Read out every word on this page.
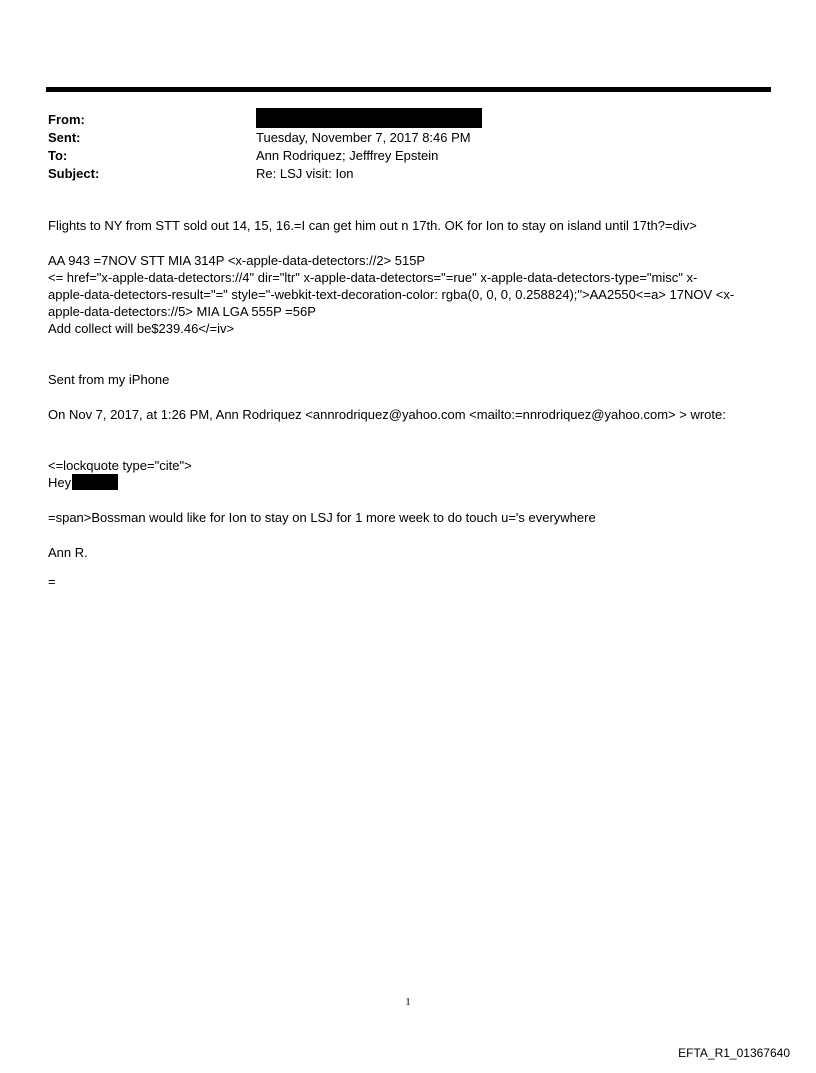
From:
Sent:	Tuesday, November 7, 2017 8:46 PM
To:	Ann Rodriquez; Jefffrey Epstein
Subject:	Re: LSJ visit: Ion

Flights to NY from STT sold out 14, 15, 16.=I can get him out n 17th. OK for Ion to stay on island until 17th?=div>

AA 943 =7NOV STT MIA 314P <x-apple-data-detectors://2> 515P

<= href="x-apple-data-detectors://4" dir="ltr" x-apple-data-detectors="=rue" x-apple-data-detectors-type="misc" x-

apple-data-detectors-result="=" style="-webkit-text-decoration-color: rgba(0, 0, 0, 0.258824);">AA2550<=a> 17NOV <x-

apple-data-detectors://5> MIA LGA 555P =56P

Add collect will be$239.46</=iv>

Sent from my iPhone

On Nov 7, 2017, at 1:26 PM, Ann Rodriquez <annrodriquez@yahoo.com <mailto:=nnrodriquez@yahoo.com> > wrote:

<=lockquote type="cite">

Hey

=span>Bossman would like for Ion to stay on LSJ for 1 more week to do touch u='s everywhere

Ann R.

=

1
EFTA_R1_01367640
